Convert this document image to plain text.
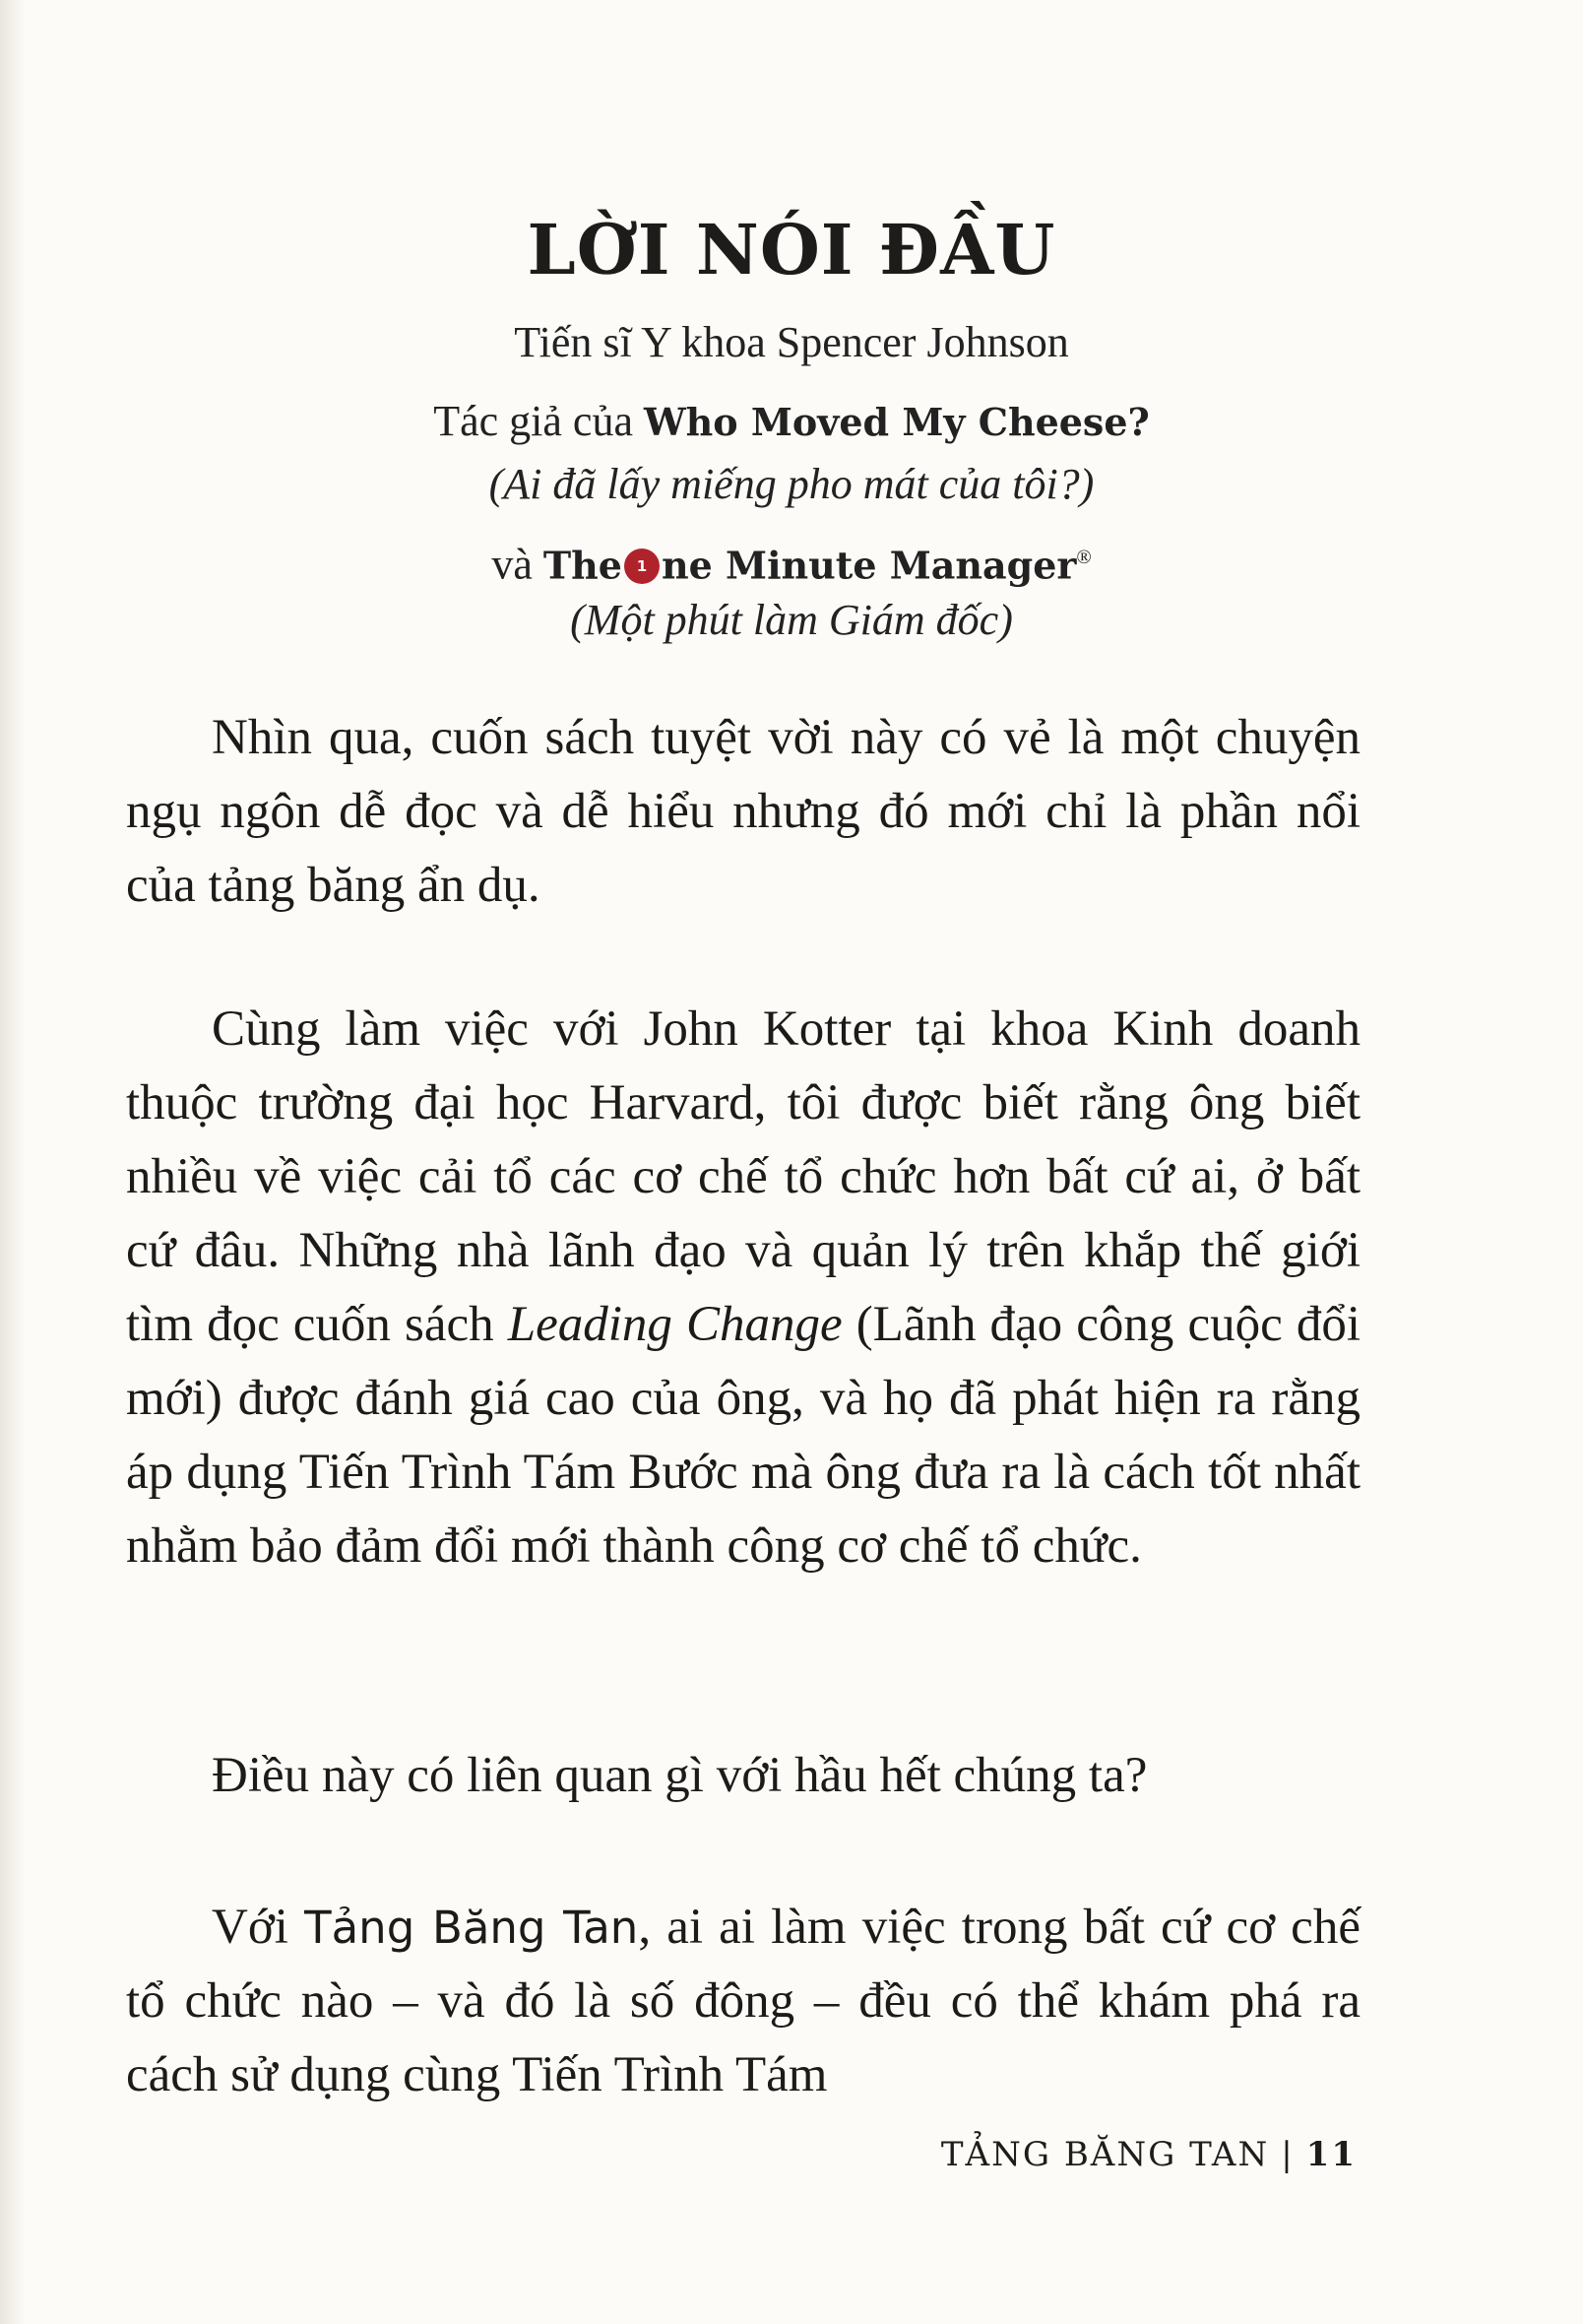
LỜI NÓI ĐẦU
Tiến sĩ Y khoa Spencer Johnson
Tác giả của Who Moved My Cheese?
(Ai đã lấy miếng pho mát của tôi?)
và The 1 ne Minute Manager®
(Một phút làm Giám đốc)
Nhìn qua, cuốn sách tuyệt vời này có vẻ là một chuyện ngụ ngôn dễ đọc và dễ hiểu nhưng đó mới chỉ là phần nổi của tảng băng ẩn dụ.
Cùng làm việc với John Kotter tại khoa Kinh doanh thuộc trường đại học Harvard, tôi được biết rằng ông biết nhiều về việc cải tổ các cơ chế tổ chức hơn bất cứ ai, ở bất cứ đâu. Những nhà lãnh đạo và quản lý trên khắp thế giới tìm đọc cuốn sách Leading Change (Lãnh đạo công cuộc đổi mới) được đánh giá cao của ông, và họ đã phát hiện ra rằng áp dụng Tiến Trình Tám Bước mà ông đưa ra là cách tốt nhất nhằm bảo đảm đổi mới thành công cơ chế tổ chức.
Điều này có liên quan gì với hầu hết chúng ta?
Với Tảng Băng Tan, ai ai làm việc trong bất cứ cơ chế tổ chức nào – và đó là số đông – đều có thể khám phá ra cách sử dụng cùng Tiến Trình Tám
TẢNG BĂNG TAN | 11
